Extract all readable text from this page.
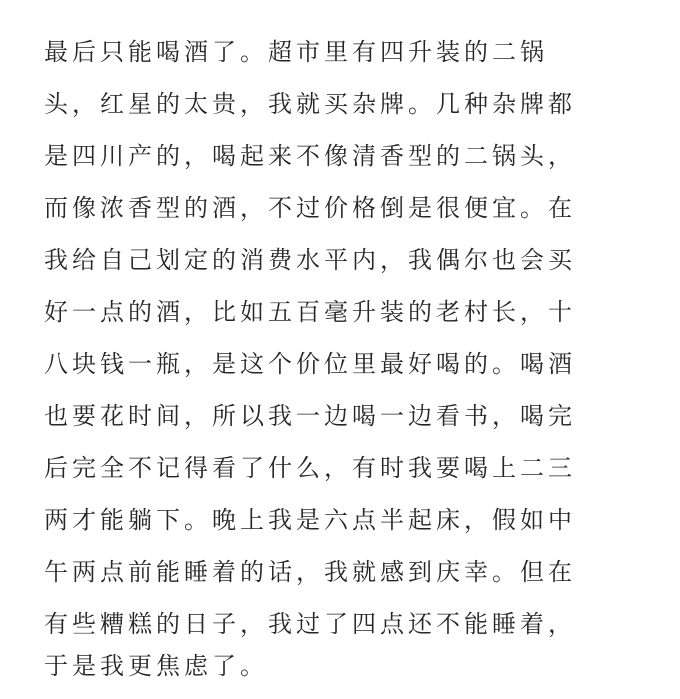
最后只能喝酒了。超市里有四升装的二锅

头，红星的太贵，我就买杂牌。几种杂牌都

是四川产的，喝起来不像清香型的二锅头，

而像浓香型的酒，不过价格倒是很便宜。在

我给自己划定的消费水平内，我偶尔也会买

好一点的酒，比如五百毫升装的老村长，十

八块钱一瓶，是这个价位里最好喝的。喝酒

也要花时间，所以我一边喝一边看书，喝完

后完全不记得看了什么，有时我要喝上二三

两才能躺下。晚上我是六点半起床，假如中

午两点前能睡着的话，我就感到庆幸。但在

有些糟糕的日子，我过了四点还不能睡着，

于是我更焦虑了。
